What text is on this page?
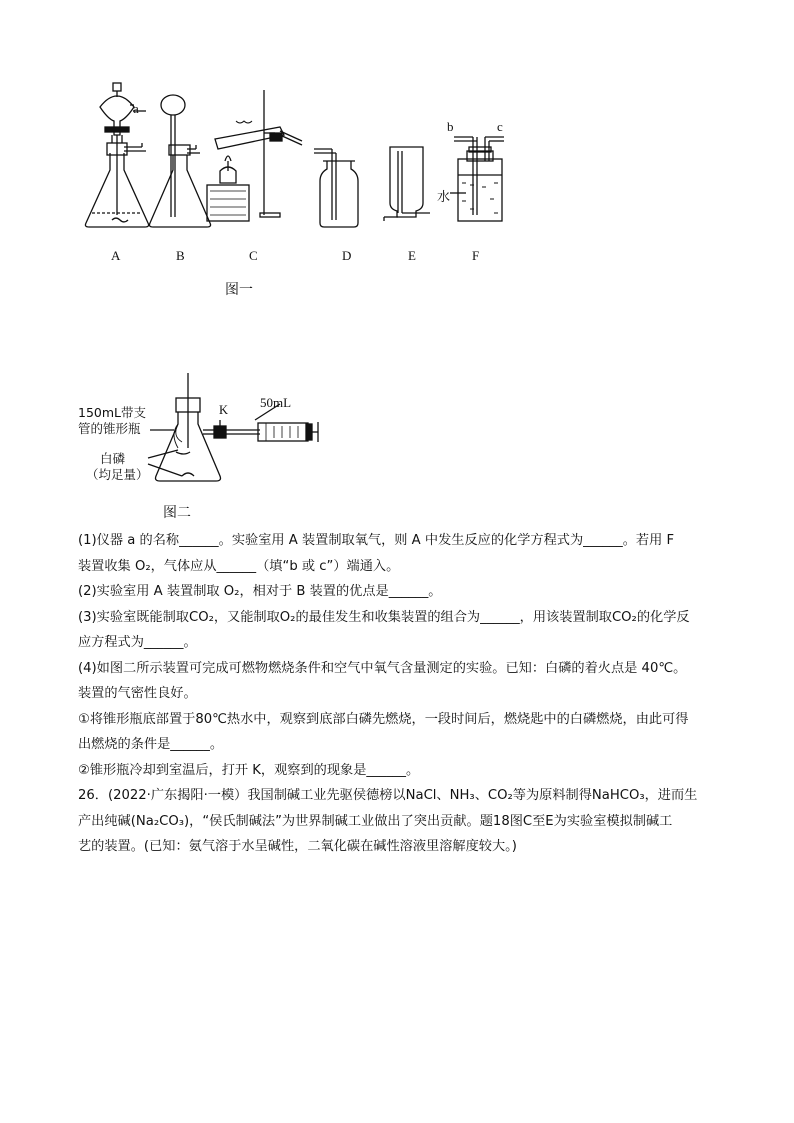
a
b	c
水
A	B	C	D	E	F
图一
150mL带支
管的锥形瓶
白磷
（均足量）
K 50mL
图二

(1)仪器 a 的名称______。实验室用 A 装置制取氧气，则 A 中发生反应的化学方程式为______。若用 F

装置收集 O₂，气体应从______（填“b 或 c”）端通入。

(2)实验室用 A 装置制取 O₂，相对于 B 装置的优点是______。

(3)实验室既能制取CO₂，又能制取O₂的最佳发生和收集装置的组合为______，用该装置制取CO₂的化学反

应方程式为______。

(4)如图二所示装置可完成可燃物燃烧条件和空气中氧气含量测定的实验。已知：白磷的着火点是 40℃。

装置的气密性良好。

①将锥形瓶底部置于80℃热水中，观察到底部白磷先燃烧，一段时间后，燃烧匙中的白磷燃烧，由此可得

出燃烧的条件是______。

②锥形瓶冷却到室温后，打开 K，观察到的现象是______。

26．(2022·广东揭阳·一模）我国制碱工业先驱侯德榜以NaCl、NH₃、CO₂等为原料制得NaHCO₃，进而生

产出纯碱(Na₂CO₃)，“侯氏制碱法”为世界制碱工业做出了突出贡献。题18图C至E为实验室模拟制碱工

艺的装置。(已知：氨气溶于水呈碱性，二氧化碳在碱性溶液里溶解度较大。)
